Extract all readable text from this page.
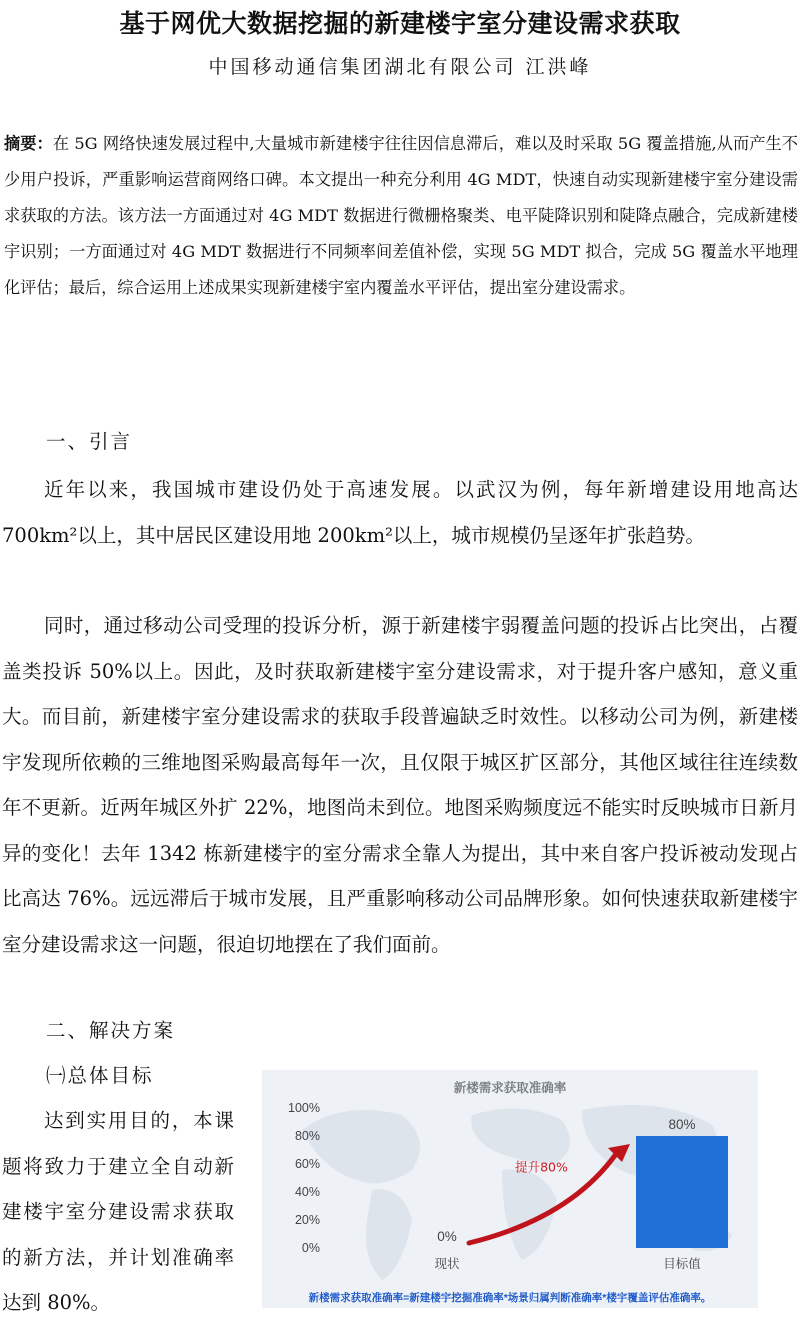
基于网优大数据挖掘的新建楼宇室分建设需求获取
中国移动通信集团湖北有限公司 江洪峰
摘要：在 5G 网络快速发展过程中,大量城市新建楼宇往往因信息滞后，难以及时采取 5G 覆盖措施,从而产生不少用户投诉，严重影响运营商网络口碑。本文提出一种充分利用 4G MDT，快速自动实现新建楼宇室分建设需求获取的方法。该方法一方面通过对 4G MDT 数据进行微栅格聚类、电平陡降识别和陡降点融合，完成新建楼宇识别；一方面通过对 4G MDT 数据进行不同频率间差值补偿，实现 5G MDT 拟合，完成 5G 覆盖水平地理化评估；最后，综合运用上述成果实现新建楼宇室内覆盖水平评估，提出室分建设需求。
一、引言
近年以来，我国城市建设仍处于高速发展。以武汉为例，每年新增建设用地高达 700km²以上，其中居民区建设用地 200km²以上，城市规模仍呈逐年扩张趋势。
同时，通过移动公司受理的投诉分析，源于新建楼宇弱覆盖问题的投诉占比突出，占覆盖类投诉 50%以上。因此，及时获取新建楼宇室分建设需求，对于提升客户感知，意义重大。而目前，新建楼宇室分建设需求的获取手段普遍缺乏时效性。以移动公司为例，新建楼宇发现所依赖的三维地图采购最高每年一次，且仅限于城区扩区部分，其他区域往往连续数年不更新。近两年城区外扩 22%，地图尚未到位。地图采购频度远不能实时反映城市日新月异的变化！去年 1342 栋新建楼宇的室分需求全靠人为提出，其中来自客户投诉被动发现占比高达 76%。远远滞后于城市发展，且严重影响移动公司品牌形象。如何快速获取新建楼宇室分建设需求这一问题，很迫切地摆在了我们面前。
二、解决方案
㈠总体目标
达到实用目的，本课题将致力于建立全自动新建楼宇室分建设需求获取的新方法，并计划准确率达到 80%。
新楼需求获取准确率
100%
80%
60%
40%
20%
0%
提升80%
0%
80%
现状	目标值
新楼需求获取准确率=新建楼宇挖掘准确率*场景归属判断准确率*楼宇覆盖评估准确率。
